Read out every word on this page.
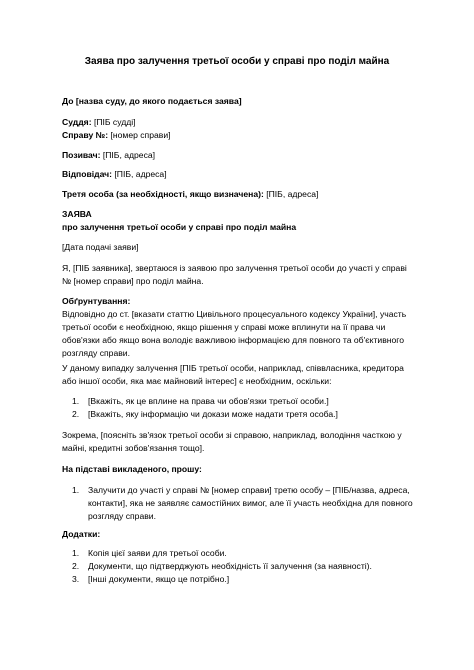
Заява про залучення третьої особи у справі про поділ майна
До [назва суду, до якого подається заява]
Суддя: [ПІБ судді]
Справу №: [номер справи]
Позивач: [ПІБ, адреса]
Відповідач: [ПІБ, адреса]
Третя особа (за необхідності, якщо визначена): [ПІБ, адреса]
ЗАЯВА
про залучення третьої особи у справі про поділ майна
[Дата подачі заяви]
Я, [ПІБ заявника], звертаюся із заявою про залучення третьої особи до участі у справі № [номер справи] про поділ майна.
Обґрунтування:
Відповідно до ст. [вказати статтю Цивільного процесуального кодексу України], участь третьої особи є необхідною, якщо рішення у справі може вплинути на її права чи обов'язки або якщо вона володіє важливою інформацією для повного та об'єктивного розгляду справи.
У даному випадку залучення [ПІБ третьої особи, наприклад, співвласника, кредитора або іншої особи, яка має майновий інтерес] є необхідним, оскільки:
1.	[Вкажіть, як це вплине на права чи обов'язки третьої особи.]
2.	[Вкажіть, яку інформацію чи докази може надати третя особа.]
Зокрема, [поясніть зв'язок третьої особи зі справою, наприклад, володіння часткою у майні, кредитні зобов'язання тощо].
На підставі викладеного, прошу:
1.	Залучити до участі у справі № [номер справи] третю особу – [ПІБ/назва, адреса, контакти], яка не заявляє самостійних вимог, але її участь необхідна для повного розгляду справи.
Додатки:
1.	Копія цієї заяви для третьої особи.
2.	Документи, що підтверджують необхідність її залучення (за наявності).
3.	[Інші документи, якщо це потрібно.]
